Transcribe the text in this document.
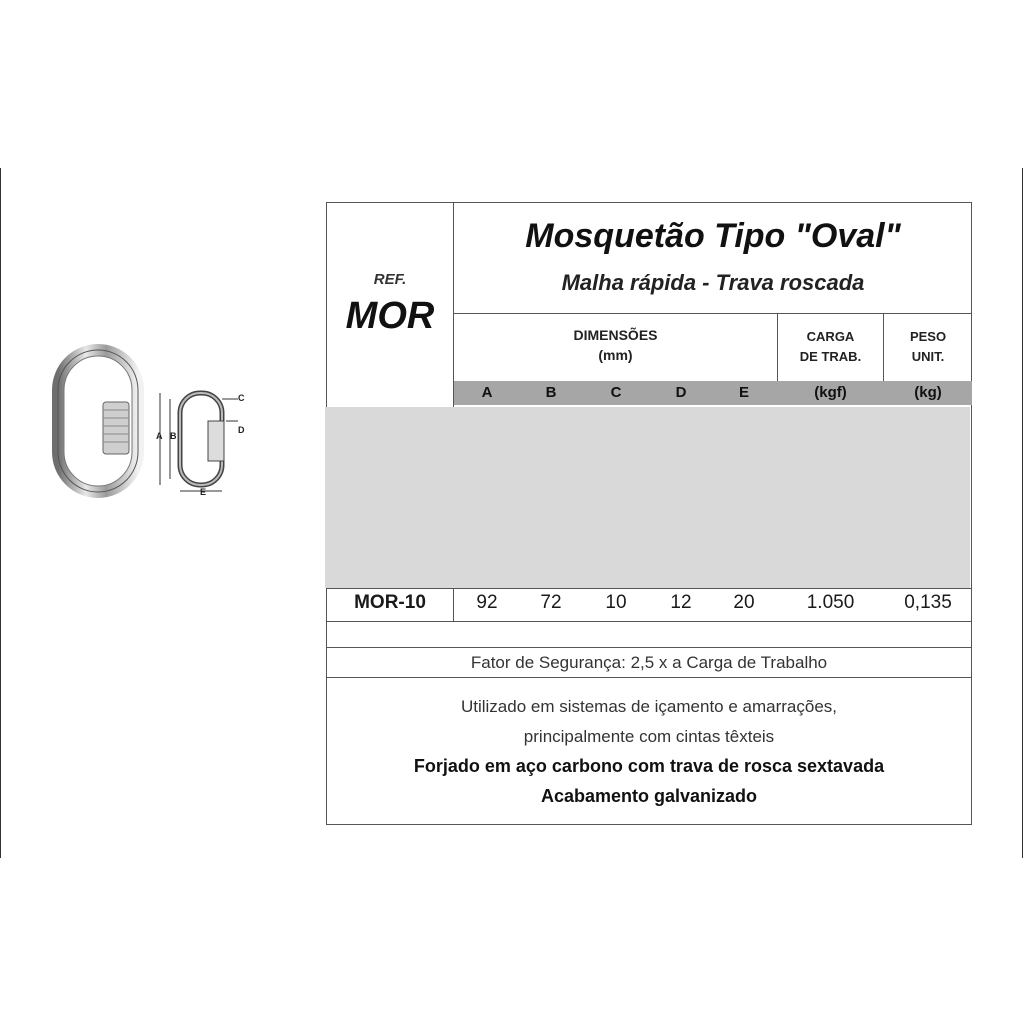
A B
C
D
E
REF.
MOR
Mosquetão Tipo "Oval"
Malha rápida - Trava roscada
DIMENSÕES
(mm)
CARGA
DE TRAB.
PESO
UNIT.
A	B	C	D	E	(kgf)	(kg)
MOR-10	92	72	10	12	20	1.050	0,135
Fator de Segurança: 2,5 x a Carga de Trabalho
Utilizado em sistemas de içamento e amarrações,
principalmente com cintas têxteis
Forjado em aço carbono com trava de rosca sextavada
Acabamento galvanizado
